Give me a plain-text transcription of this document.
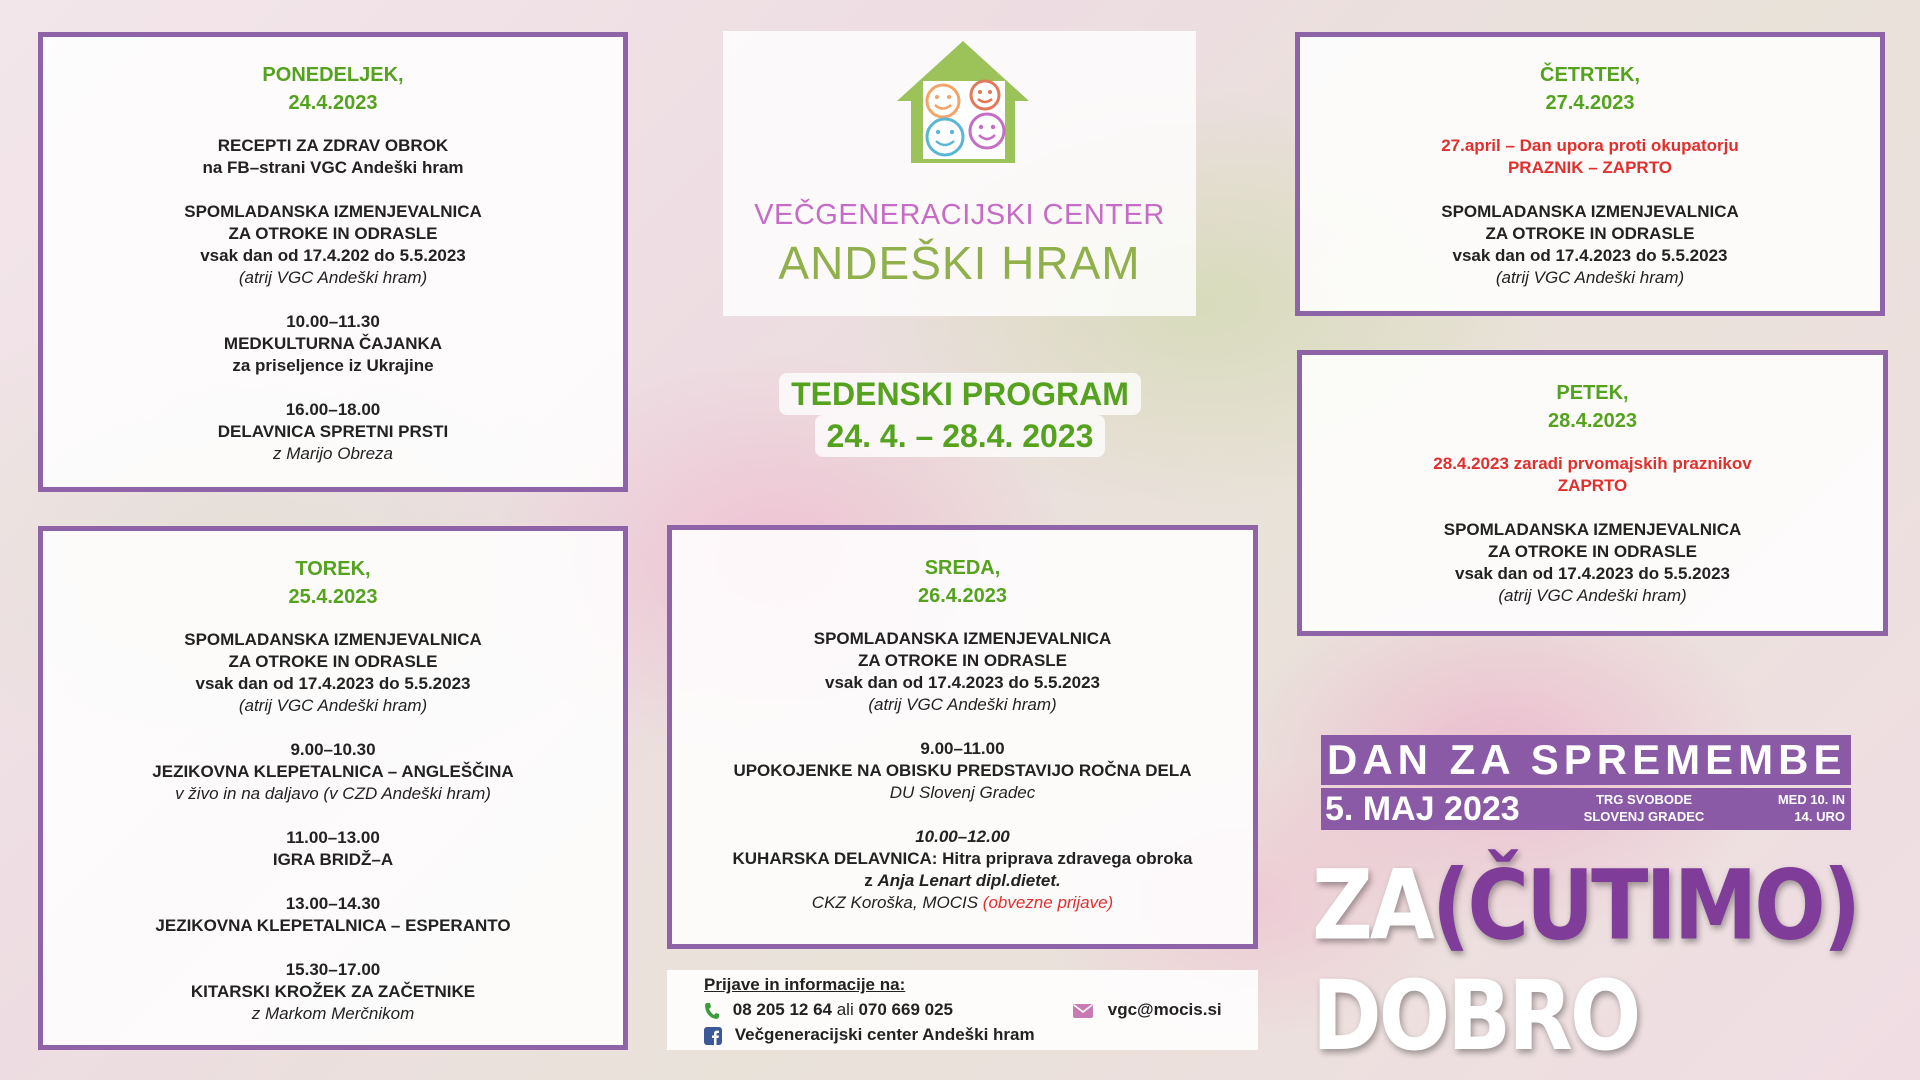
VEČGENERACIJSKI CENTER
ANDEŠKI HRAM
TEDENSKI PROGRAM
24. 4. – 28.4. 2023
PONEDELJEK,
24.4.2023
RECEPTI ZA ZDRAV OBROK
na FB–strani VGC Andeški hram
SPOMLADANSKA IZMENJEVALNICA
ZA OTROKE IN ODRASLE
vsak dan od 17.4.202 do 5.5.2023
(atrij VGC Andeški hram)
10.00–11.30
MEDKULTURNA ČAJANKA
za priseljence iz Ukrajine
16.00–18.00
DELAVNICA SPRETNI PRSTI
z Marijo Obreza
TOREK,
25.4.2023
SPOMLADANSKA IZMENJEVALNICA
ZA OTROKE IN ODRASLE
vsak dan od 17.4.2023 do 5.5.2023
(atrij VGC Andeški hram)
9.00–10.30
JEZIKOVNA KLEPETALNICA – ANGLEŠČINA
v živo in na daljavo (v CZD Andeški hram)
11.00–13.00
IGRA BRIDŽ–A
13.00–14.30
JEZIKOVNA KLEPETALNICA – ESPERANTO
15.30–17.00
KITARSKI KROŽEK ZA ZAČETNIKE
z Markom Merčnikom
SREDA,
26.4.2023
SPOMLADANSKA IZMENJEVALNICA
ZA OTROKE IN ODRASLE
vsak dan od 17.4.2023 do 5.5.2023
(atrij VGC Andeški hram)
9.00–11.00
UPOKOJENKE NA OBISKU PREDSTAVIJO ROČNA DELA
DU Slovenj Gradec
10.00–12.00
KUHARSKA DELAVNICA: Hitra priprava zdravega obroka
z Anja Lenart dipl.dietet.
CKZ Koroška, MOCIS (obvezne prijave)
ČETRTEK,
27.4.2023
27.april – Dan upora proti okupatorju
PRAZNIK – ZAPRTO
SPOMLADANSKA IZMENJEVALNICA
ZA OTROKE IN ODRASLE
vsak dan od 17.4.2023 do 5.5.2023
(atrij VGC Andeški hram)
PETEK,
28.4.2023
28.4.2023 zaradi prvomajskih praznikov
ZAPRTO
SPOMLADANSKA IZMENJEVALNICA
ZA OTROKE IN ODRASLE
vsak dan od 17.4.2023 do 5.5.2023
(atrij VGC Andeški hram)
Prijave in informacije na:
08 205 12 64 ali 070 669 025	vgc@mocis.si
Večgeneracijski center Andeški hram
DAN ZA SPREMEMBE
5. MAJ 2023	TRG SVOBODE
SLOVENJ GRADEC
MED 10. IN
14. URO
ZA(ČUTIMO) DOBRO
